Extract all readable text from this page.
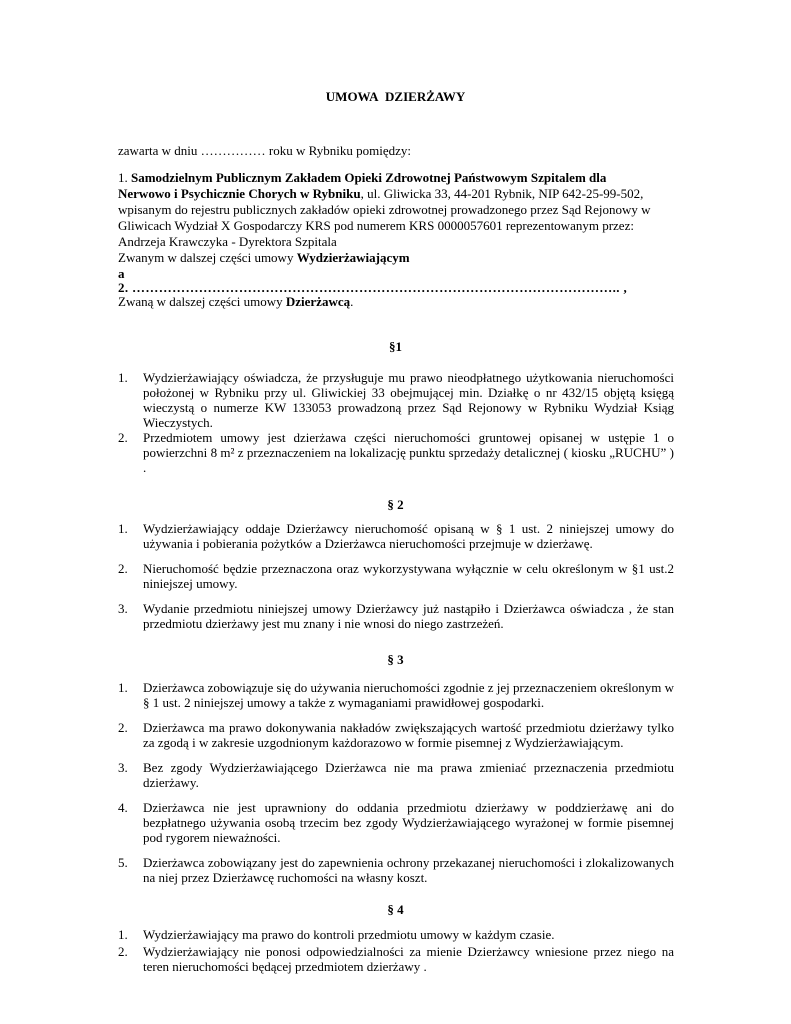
UMOWA DZIERŻAWY
zawarta w dniu …………… roku w Rybniku pomiędzy:
1. Samodzielnym Publicznym Zakładem Opieki Zdrowotnej Państwowym Szpitalem dla
Nerwowo i Psychicznie Chorych w Rybniku, ul. Gliwicka 33, 44-201 Rybnik, NIP 642-25-99-502,
wpisanym do rejestru publicznych zakładów opieki zdrowotnej prowadzonego przez Sąd Rejonowy w
Gliwicach Wydział X Gospodarczy KRS pod numerem KRS 0000057601 reprezentowanym przez:
Andrzeja Krawczyka - Dyrektora Szpitala
Zwanym w dalszej części umowy Wydzierżawiającym
a
2. ……………………………………………………………………………………………….. ,
Zwaną w dalszej części umowy Dzierżawcą.
§1
1. Wydzierżawiający oświadcza, że przysługuje mu prawo nieodpłatnego użytkowania nieruchomości położonej w Rybniku przy ul. Gliwickiej 33 obejmującej min. Działkę o nr 432/15 objętą księgą wieczystą o numerze KW 133053 prowadzoną przez Sąd Rejonowy w Rybniku Wydział Ksiąg Wieczystych.
2. Przedmiotem umowy jest dzierżawa części nieruchomości gruntowej opisanej w ustępie 1 o powierzchni 8 m² z przeznaczeniem na lokalizację punktu sprzedaży detalicznej ( kiosku „RUCHU” ) .
§ 2
1. Wydzierżawiający oddaje Dzierżawcy nieruchomość opisaną w § 1 ust. 2 niniejszej umowy do używania i pobierania pożytków a Dzierżawca nieruchomości przejmuje w dzierżawę.
2. Nieruchomość będzie przeznaczona oraz wykorzystywana wyłącznie w celu określonym w §1 ust.2 niniejszej umowy.
3. Wydanie przedmiotu niniejszej umowy Dzierżawcy już nastąpiło i Dzierżawca oświadcza , że stan przedmiotu dzierżawy jest mu znany i nie wnosi do niego zastrzeżeń.
§ 3
1. Dzierżawca zobowiązuje się do używania nieruchomości zgodnie z jej przeznaczeniem określonym w § 1 ust. 2 niniejszej umowy a także z wymaganiami prawidłowej gospodarki.
2. Dzierżawca ma prawo dokonywania nakładów zwiększających wartość przedmiotu dzierżawy tylko za zgodą i w zakresie uzgodnionym każdorazowo w formie pisemnej z Wydzierżawiającym.
3. Bez zgody Wydzierżawiającego Dzierżawca nie ma prawa zmieniać przeznaczenia przedmiotu dzierżawy.
4. Dzierżawca nie jest uprawniony do oddania przedmiotu dzierżawy w poddzierżawę ani do bezpłatnego używania osobą trzecim bez zgody Wydzierżawiającego wyrażonej w formie pisemnej pod rygorem nieważności.
5. Dzierżawca zobowiązany jest do zapewnienia ochrony przekazanej nieruchomości i zlokalizowanych na niej przez Dzierżawcę ruchomości na własny koszt.
§ 4
1. Wydzierżawiający ma prawo do kontroli przedmiotu umowy w każdym czasie.
2. Wydzierżawiający nie ponosi odpowiedzialności za mienie Dzierżawcy wniesione przez niego na teren nieruchomości będącej przedmiotem dzierżawy .
